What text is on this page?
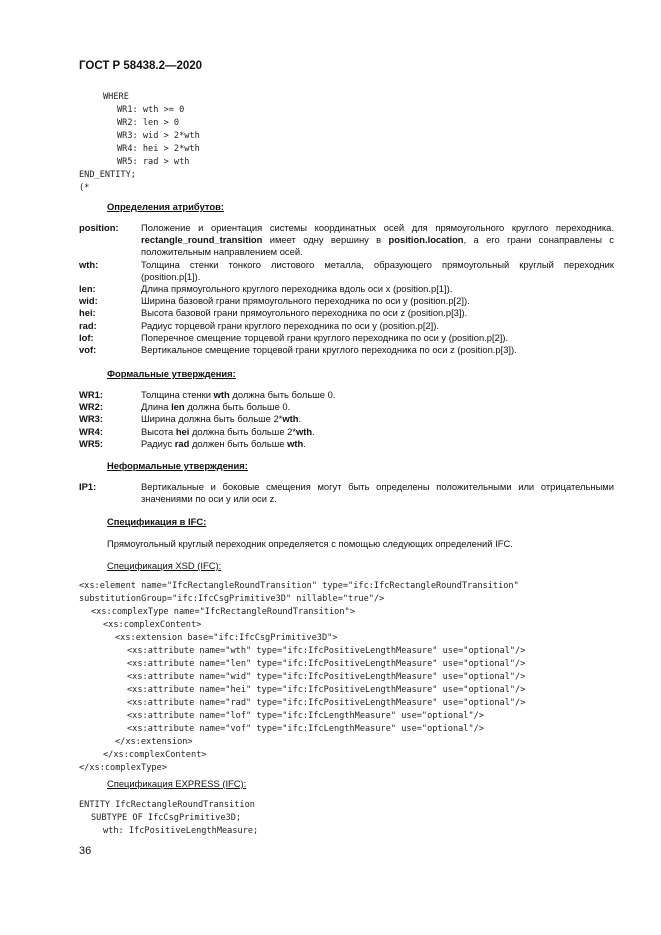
ГОСТ Р 58438.2—2020
WHERE
WR1: wth >= 0
WR2: len > 0
WR3: wid > 2*wth
WR4: hei > 2*wth
WR5: rad > wth
END_ENTITY;
(*
Определения атрибутов:
position:	Положение и ориентация системы координатных осей для прямоугольного круглого переходника. rectangle_round_transition имеет одну вершину в position.location, а его грани сонаправлены с положительным направлением осей.
wth:	Толщина стенки тонкого листового металла, образующего прямоугольный круглый переходник (position.p[1]).
len:	Длина прямоугольного круглого переходника вдоль оси x (position.p[1]).
wid:	Ширина базовой грани прямоугольного переходника по оси y (position.p[2]).
hei:	Высота базовой грани прямоугольного переходника по оси z (position.p[3]).
rad:	Радиус торцевой грани круглого переходника по оси y (position.p[2]).
lof:	Поперечное смещение торцевой грани круглого переходника по оси y (position.p[2]).
vof:	Вертикальное смещение торцевой грани круглого переходника по оси z (position.p[3]).
Формальные утверждения:
WR1:	Толщина стенки wth должна быть больше 0.
WR2:	Длина len должна быть больше 0.
WR3:	Ширина должна быть больше 2*wth.
WR4:	Высота hei должна быть больше 2*wth.
WR5:	Радиус rad должен быть больше wth.
Неформальные утверждения:
IP1:	Вертикальные и боковые смещения могут быть определены положительными или отрицательными значениями по оси y или оси z.
Спецификация в IFC:
Прямоугольный круглый переходник определяется с помощью следующих определений IFC.
Спецификация XSD (IFC):
<xs:element name="IfcRectangleRoundTransition" type="ifc:IfcRectangleRoundTransition"
substitutionGroup="ifc:IfcCsgPrimitive3D" nillable="true"/>
<xs:complexType name="IfcRectangleRoundTransition">
<xs:complexContent>
<xs:extension base="ifc:IfcCsgPrimitive3D">
<xs:attribute name="wth" type="ifc:IfcPositiveLengthMeasure" use="optional"/>
<xs:attribute name="len" type="ifc:IfcPositiveLengthMeasure" use="optional"/>
<xs:attribute name="wid" type="ifc:IfcPositiveLengthMeasure" use="optional"/>
<xs:attribute name="hei" type="ifc:IfcPositiveLengthMeasure" use="optional"/>
<xs:attribute name="rad" type="ifc:IfcPositiveLengthMeasure" use="optional"/>
<xs:attribute name="lof" type="ifc:IfcLengthMeasure" use="optional"/>
<xs:attribute name="vof" type="ifc:IfcLengthMeasure" use="optional"/>
</xs:extension>
</xs:complexContent>
</xs:complexType>
Спецификация EXPRESS (IFC):
ENTITY IfcRectangleRoundTransition
SUBTYPE OF IfcCsgPrimitive3D;
wth: IfcPositiveLengthMeasure;
36
